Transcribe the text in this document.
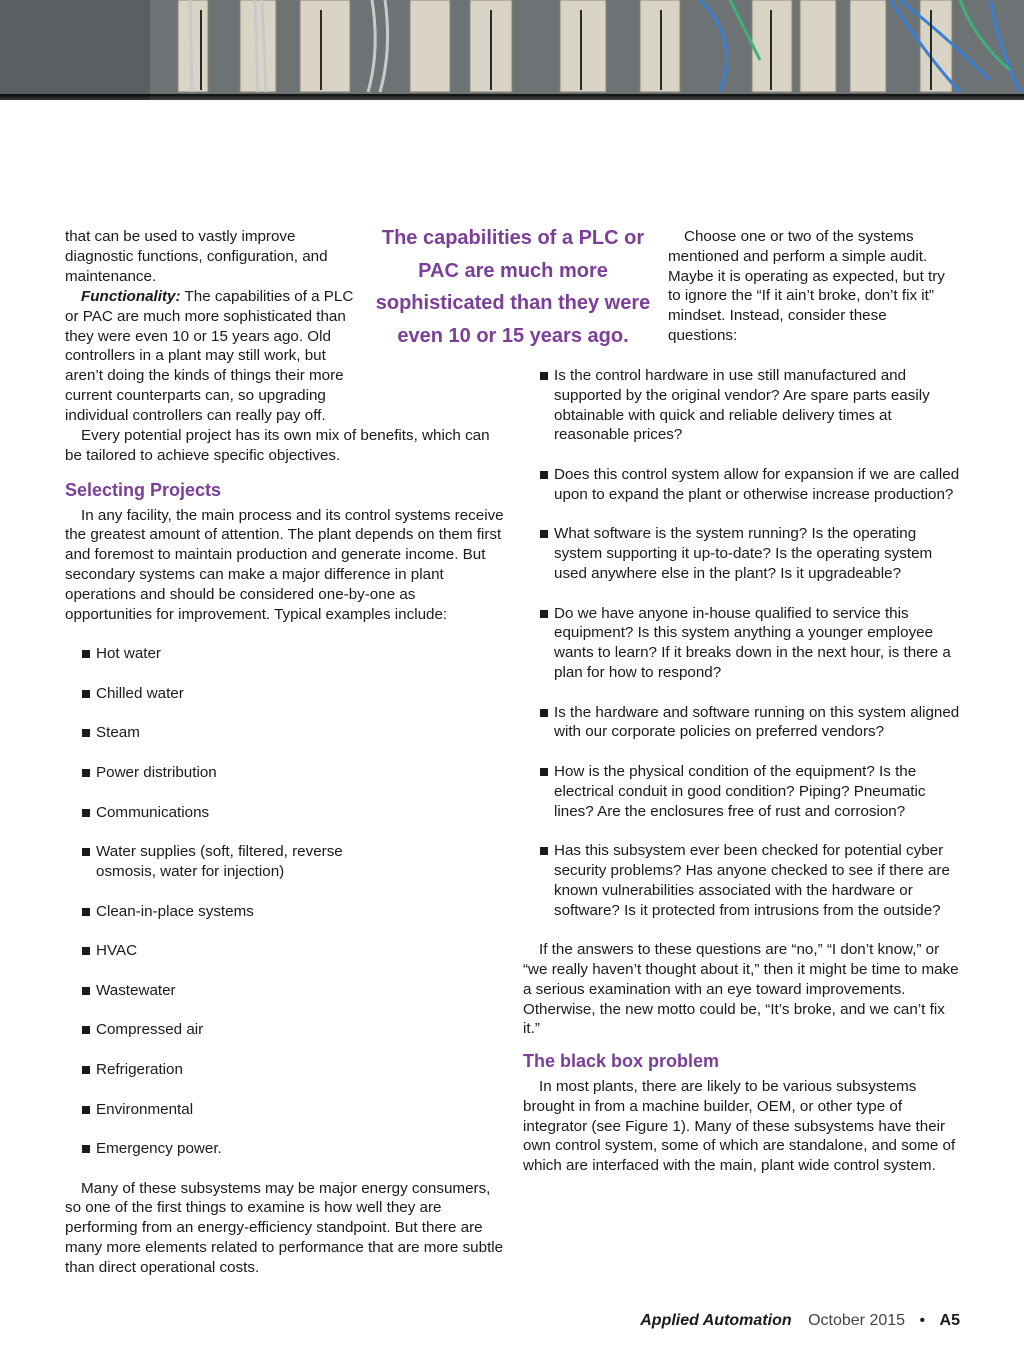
that can be used to vastly improve diagnostic functions, configuration, and maintenance.

Functionality: The capabilities of a PLC or PAC are much more sophisticated than they were even 10 or 15 years ago. Old controllers in a plant may still work, but aren’t doing the kinds of things their more current counterparts can, so upgrading individual controllers can really pay off.

The capabilities of a PLC or PAC are much more sophisticated than they were even 10 or 15 years ago.

Every potential project has its own mix of benefits, which can be tailored to achieve specific objectives.

Selecting Projects

In any facility, the main process and its control systems receive the greatest amount of attention. The plant depends on them first and foremost to maintain production and generate income. But secondary systems can make a major difference in plant operations and should be considered one-by-one as opportunities for improvement. Typical examples include:

Hot water
Chilled water
Steam
Power distribution
Communications
Water supplies (soft, filtered, reverse osmosis, water for injection)
Clean-in-place systems
HVAC
Wastewater
Compressed air
Refrigeration
Environmental
Emergency power.

Many of these subsystems may be major energy consumers, so one of the first things to examine is how well they are performing from an energy-efficiency standpoint. But there are many more elements related to performance that are more subtle than direct operational costs.

Choose one or two of the systems mentioned and perform a simple audit. Maybe it is operating as expected, but try to ignore the “If it ain’t broke, don’t fix it” mindset. Instead, consider these questions:

Is the control hardware in use still manufactured and supported by the original vendor? Are spare parts easily obtainable with quick and reliable delivery times at reasonable prices?
Does this control system allow for expansion if we are called upon to expand the plant or otherwise increase production?
What software is the system running? Is the operating system supporting it up-to-date? Is the operating system used anywhere else in the plant? Is it upgradeable?
Do we have anyone in-house qualified to service this equipment? Is this system anything a younger employee wants to learn? If it breaks down in the next hour, is there a plan for how to respond?
Is the hardware and software running on this system aligned with our corporate policies on preferred vendors?
How is the physical condition of the equipment? Is the electrical conduit in good condition? Piping? Pneumatic lines? Are the enclosures free of rust and corrosion?
Has this subsystem ever been checked for potential cyber security problems? Has anyone checked to see if there are known vulnerabilities associated with the hardware or software? Is it protected from intrusions from the outside?

If the answers to these questions are “no,” “I don’t know,” or “we really haven’t thought about it,” then it might be time to make a serious examination with an eye toward improvements. Otherwise, the new motto could be, “It’s broke, and we can’t fix it.”

The black box problem

In most plants, there are likely to be various subsystems brought in from a machine builder, OEM, or other type of integrator (see Figure 1). Many of these subsystems have their own control system, some of which are standalone, and some of which are interfaced with the main, plant wide control system.

Applied Automation October 2015 • A5
